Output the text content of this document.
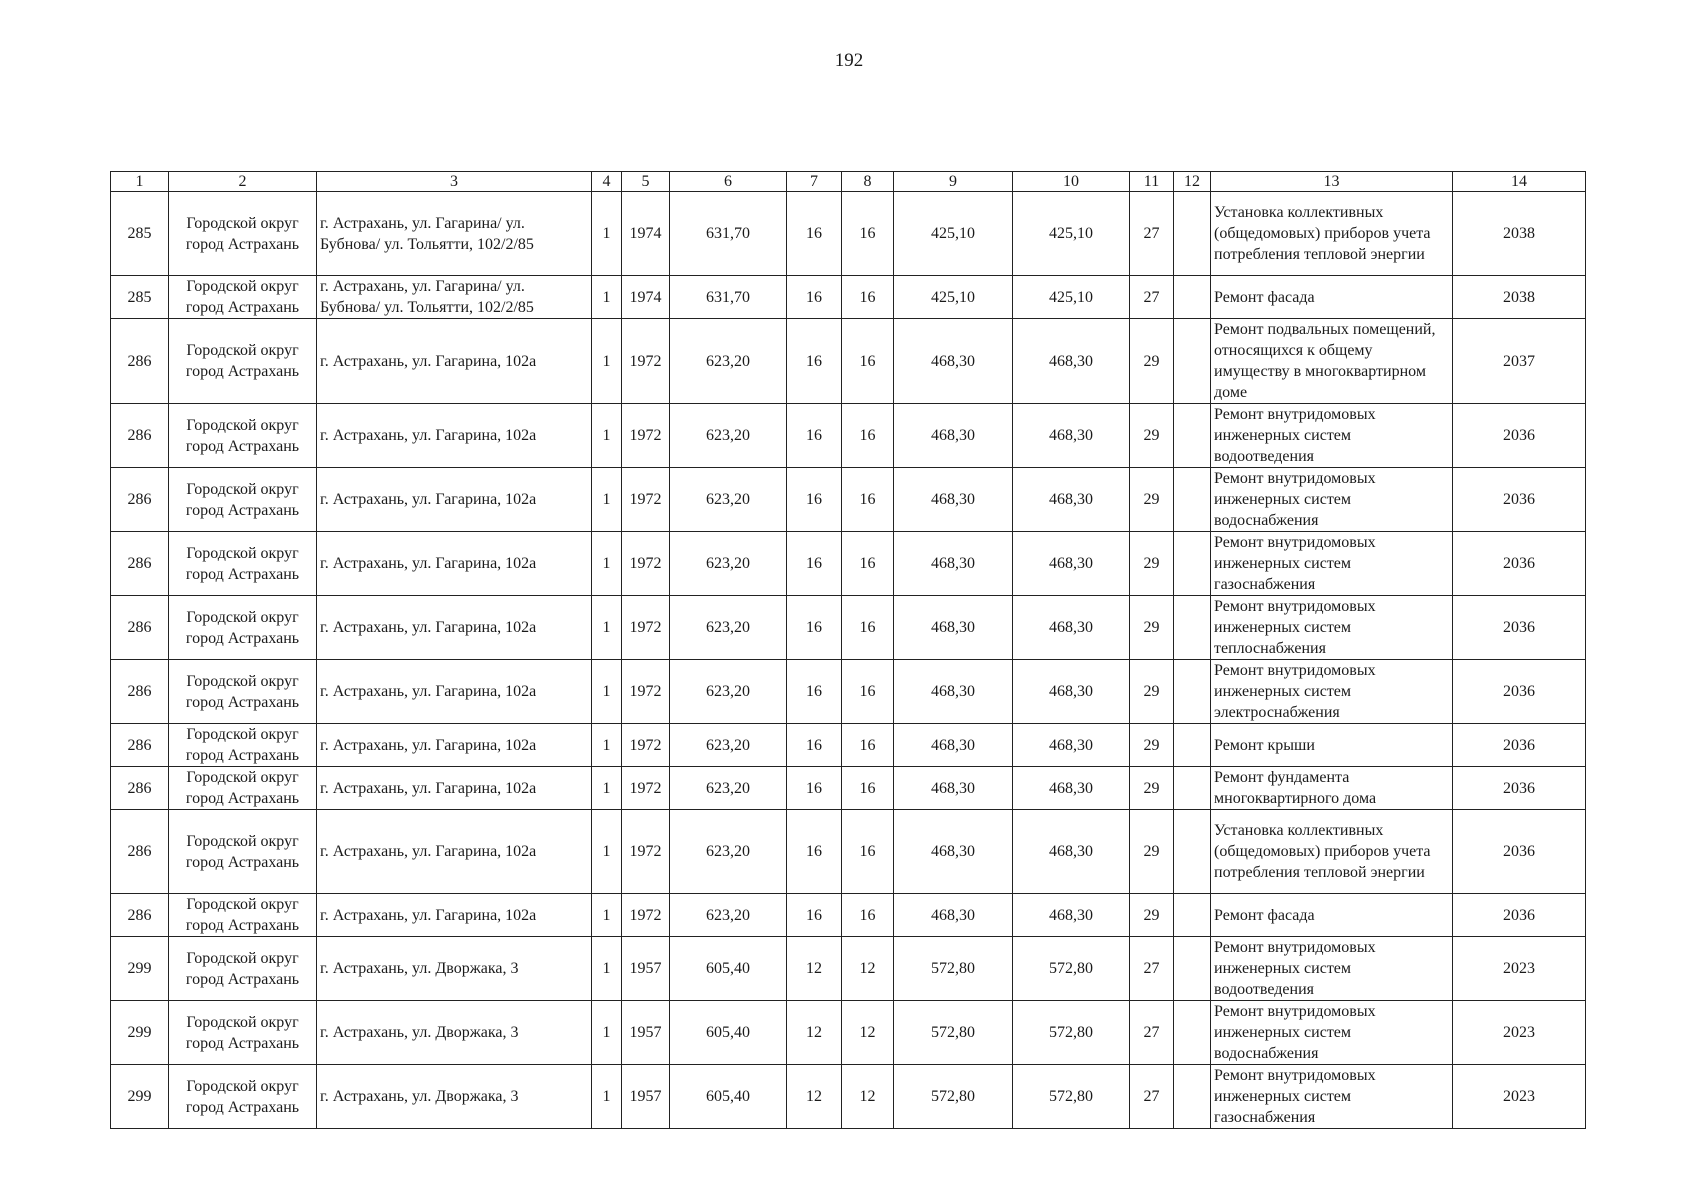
192
1	2	3	4	5	6	7	8	9	10	11	12	13	14
285	Городской округ город Астрахань	г. Астрахань, ул. Гагарина/ ул. Бубнова/ ул. Тольятти, 102/2/85	1	1974	631,70	16	16	425,10	425,10	27		Установка коллективных (общедомовых) приборов учета потребления тепловой энергии	2038
285	Городской округ город Астрахань	г. Астрахань, ул. Гагарина/ ул. Бубнова/ ул. Тольятти, 102/2/85	1	1974	631,70	16	16	425,10	425,10	27		Ремонт фасада	2038
286	Городской округ город Астрахань	г. Астрахань, ул. Гагарина, 102а	1	1972	623,20	16	16	468,30	468,30	29		Ремонт подвальных помещений, относящихся к общему имуществу в многоквартирном доме	2037
286	Городской округ город Астрахань	г. Астрахань, ул. Гагарина, 102а	1	1972	623,20	16	16	468,30	468,30	29		Ремонт внутридомовых инженерных систем водоотведения	2036
286	Городской округ город Астрахань	г. Астрахань, ул. Гагарина, 102а	1	1972	623,20	16	16	468,30	468,30	29		Ремонт внутридомовых инженерных систем водоснабжения	2036
286	Городской округ город Астрахань	г. Астрахань, ул. Гагарина, 102а	1	1972	623,20	16	16	468,30	468,30	29		Ремонт внутридомовых инженерных систем газоснабжения	2036
286	Городской округ город Астрахань	г. Астрахань, ул. Гагарина, 102а	1	1972	623,20	16	16	468,30	468,30	29		Ремонт внутридомовых инженерных систем теплоснабжения	2036
286	Городской округ город Астрахань	г. Астрахань, ул. Гагарина, 102а	1	1972	623,20	16	16	468,30	468,30	29		Ремонт внутридомовых инженерных систем электроснабжения	2036
286	Городской округ город Астрахань	г. Астрахань, ул. Гагарина, 102а	1	1972	623,20	16	16	468,30	468,30	29		Ремонт крыши	2036
286	Городской округ город Астрахань	г. Астрахань, ул. Гагарина, 102а	1	1972	623,20	16	16	468,30	468,30	29		Ремонт фундамента многоквартирного дома	2036
286	Городской округ город Астрахань	г. Астрахань, ул. Гагарина, 102а	1	1972	623,20	16	16	468,30	468,30	29		Установка коллективных (общедомовых) приборов учета потребления тепловой энергии	2036
286	Городской округ город Астрахань	г. Астрахань, ул. Гагарина, 102а	1	1972	623,20	16	16	468,30	468,30	29		Ремонт фасада	2036
299	Городской округ город Астрахань	г. Астрахань, ул. Дворжака, 3	1	1957	605,40	12	12	572,80	572,80	27		Ремонт внутридомовых инженерных систем водоотведения	2023
299	Городской округ город Астрахань	г. Астрахань, ул. Дворжака, 3	1	1957	605,40	12	12	572,80	572,80	27		Ремонт внутридомовых инженерных систем водоснабжения	2023
299	Городской округ город Астрахань	г. Астрахань, ул. Дворжака, 3	1	1957	605,40	12	12	572,80	572,80	27		Ремонт внутридомовых инженерных систем газоснабжения	2023
